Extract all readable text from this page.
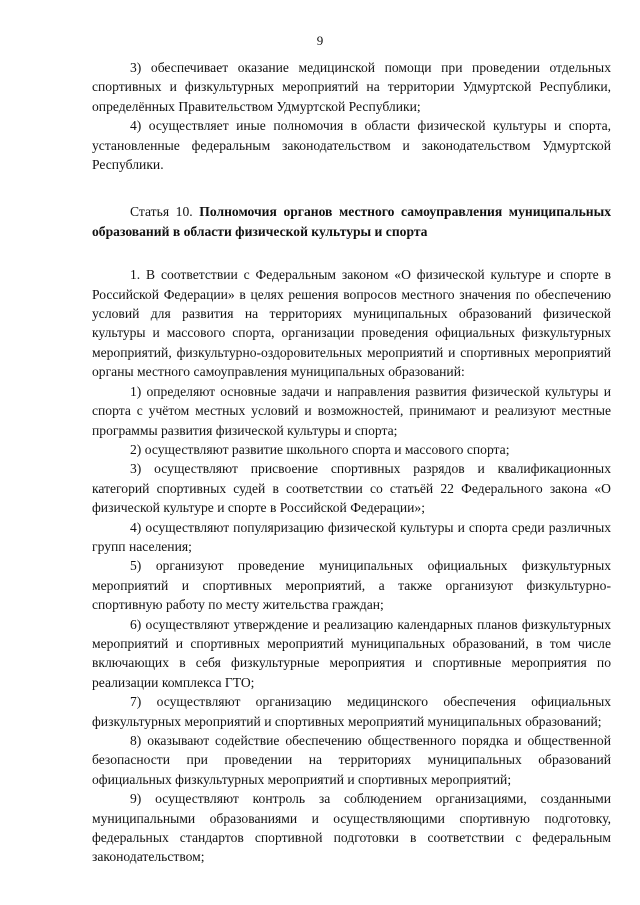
9

3) обеспечивает оказание медицинской помощи при проведении отдельных спортивных и физкультурных мероприятий на территории Удмуртской Республики, определённых Правительством Удмуртской Республики;

4) осуществляет иные полномочия в области физической культуры и спорта, установленные федеральным законодательством и законодательством Удмуртской Республики.

Статья 10. Полномочия органов местного самоуправления муниципальных образований в области физической культуры и спорта

1. В соответствии с Федеральным законом «О физической культуре и спорте в Российской Федерации» в целях решения вопросов местного значения по обеспечению условий для развития на территориях муниципальных образований физической культуры и массового спорта, организации проведения официальных физкультурных мероприятий, физкультурно-оздоровительных мероприятий и спортивных мероприятий органы местного самоуправления муниципальных образований:

1) определяют основные задачи и направления развития физической культуры и спорта с учётом местных условий и возможностей, принимают и реализуют местные программы развития физической культуры и спорта;

2) осуществляют развитие школьного спорта и массового спорта;

3) осуществляют присвоение спортивных разрядов и квалификационных категорий спортивных судей в соответствии со статьёй 22 Федерального закона «О физической культуре и спорте в Российской Федерации»;

4) осуществляют популяризацию физической культуры и спорта среди различных групп населения;

5) организуют проведение муниципальных официальных физкультурных мероприятий и спортивных мероприятий, а также организуют физкультурно-спортивную работу по месту жительства граждан;

6) осуществляют утверждение и реализацию календарных планов физкультурных мероприятий и спортивных мероприятий муниципальных образований, в том числе включающих в себя физкультурные мероприятия и спортивные мероприятия по реализации комплекса ГТО;

7) осуществляют организацию медицинского обеспечения официальных физкультурных мероприятий и спортивных мероприятий муниципальных образований;

8) оказывают содействие обеспечению общественного порядка и общественной безопасности при проведении на территориях муниципальных образований официальных физкультурных мероприятий и спортивных мероприятий;

9) осуществляют контроль за соблюдением организациями, созданными муниципальными образованиями и осуществляющими спортивную подготовку, федеральных стандартов спортивной подготовки в соответствии с федеральным законодательством;
